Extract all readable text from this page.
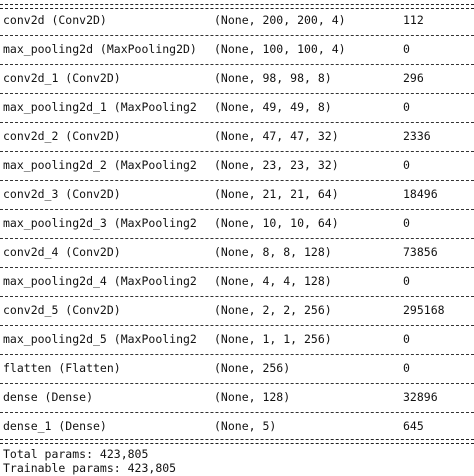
conv2d (Conv2D)	(None, 200, 200, 4)	112
max_pooling2d (MaxPooling2D)	(None, 100, 100, 4)	0
conv2d_1 (Conv2D)	(None, 98, 98, 8)	296
max_pooling2d_1 (MaxPooling2	(None, 49, 49, 8)	0
conv2d_2 (Conv2D)	(None, 47, 47, 32)	2336
max_pooling2d_2 (MaxPooling2	(None, 23, 23, 32)	0
conv2d_3 (Conv2D)	(None, 21, 21, 64)	18496
max_pooling2d_3 (MaxPooling2	(None, 10, 10, 64)	0
conv2d_4 (Conv2D)	(None, 8, 8, 128)	73856
max_pooling2d_4 (MaxPooling2	(None, 4, 4, 128)	0
conv2d_5 (Conv2D)	(None, 2, 2, 256)	295168
max_pooling2d_5 (MaxPooling2	(None, 1, 1, 256)	0
flatten (Flatten)	(None, 256)	0
dense (Dense)	(None, 128)	32896
dense_1 (Dense)	(None, 5)	645
Total params: 423,805
Trainable params: 423,805
